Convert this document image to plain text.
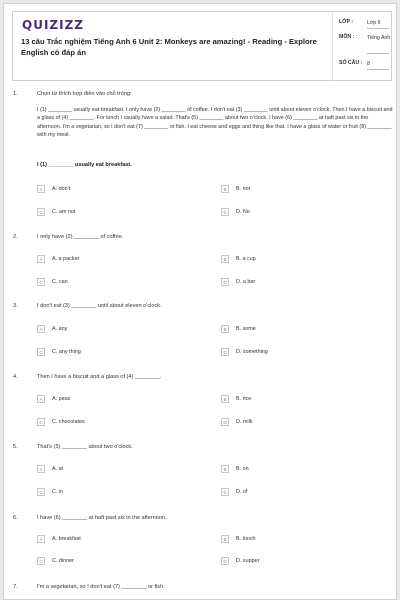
QUIZIZZ
13 câu Trắc nghiệm Tiếng Anh 6 Unit 2: Monkeys are amazing! - Reading - Explore English có đáp án
LỚP :	Lớp 6
MÔN : Tiếng Anh
SỐ CÂU : 8
1.	Chọn từ thích hợp điền vào chỗ trống:
I (1) ________ usually eat breakfast. I only have (2) ________ of coffee. I don't eat (3) ________ until about eleven o'clock. Then I have a biscuit and a glass of (4) ________. For lunch I usually have a salad. That's (5) ________ about two o'clock. I have (6) ________ at haft past six in the afternoon. I'm a vegetarian, so I don't eat (7) ________ or fish. I eat cheese and eggs and thing like that. I have a glass of water or fruit (8) ________ with my meal.
I (1) ________ usually eat breakfast.
A	A. don't	B	B. not
C	C. am not	D	D. No
2.	I only have (2) ________ of coffee.
A	A. a packet	B	B. a cup
C	C. can	D	D. a bar
3.	I don't eat (3) ________ until about eleven o'clock.
A	A. any	B	B. some
C	C. any thing	D	D. something
4.	Then I have a biscuit and a glass of (4) ________.
A	A. peas	B	B. rice
C	C. chocolates	D	D. milk
5.	That's (5) ________ about two o'clock.
A	A. at	B	B. on
C	C. in	D	D. of
6.	I have (6) ________ at haft past six in the afternoon.
A	A. breakfast	B	B. lunch
C	C. dinner	D	D. supper
7.	I'm a vegetarian, so I don't eat (7) ________ or fish.
